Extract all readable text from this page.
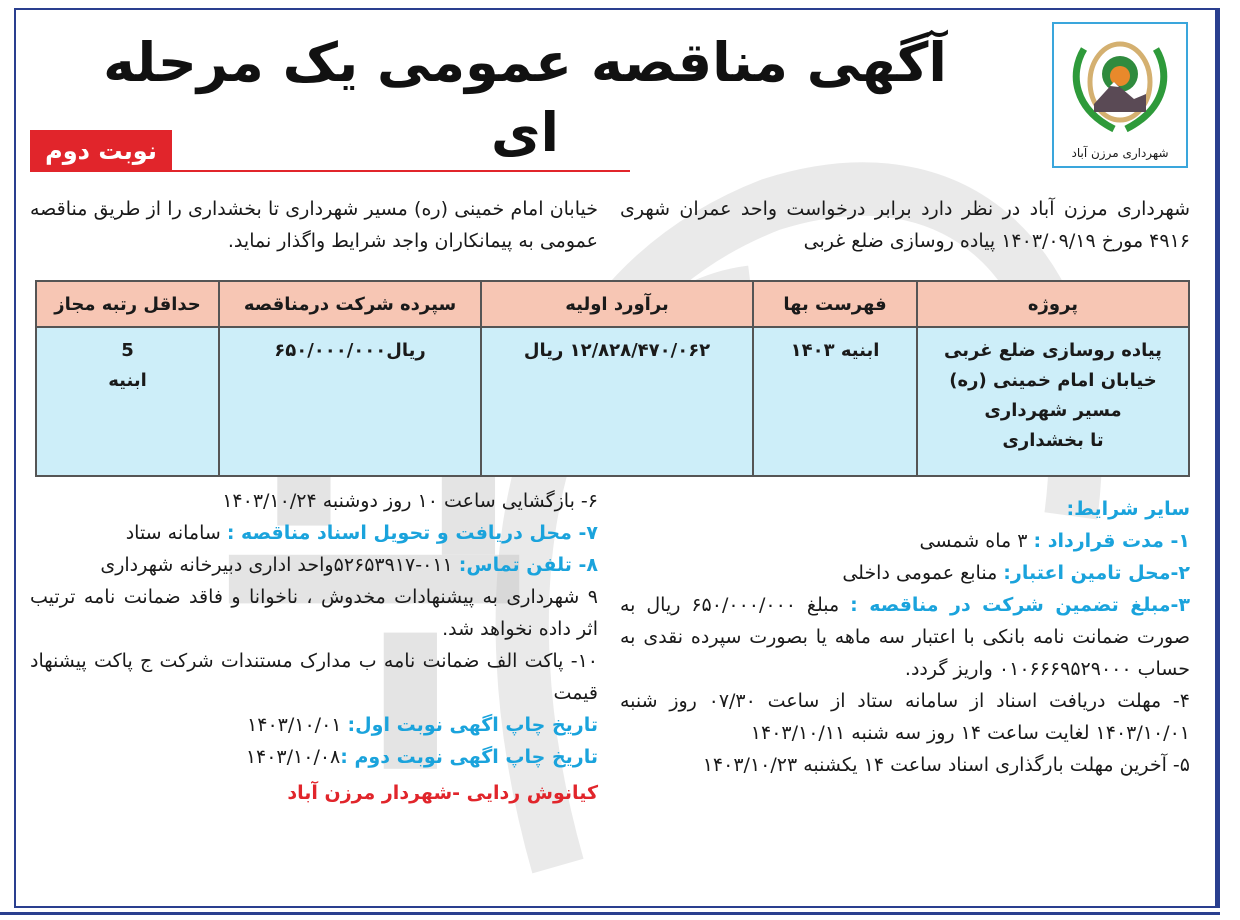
شهرداری مرزن آباد
آگهی مناقصه عمومی یک مرحله ای
نوبت دوم
شهرداری مرزن آباد در نظر دارد برابر درخواست واحد عمران شهری ۴۹۱۶ مورخ ۱۴۰۳/۰۹/۱۹ پیاده روسازی ضلع غربی
خیابان امام خمینی (ره) مسیر شهرداری تا بخشداری را از طریق مناقصه عمومی به پیمانکاران واجد شرایط واگذار نماید.
پروژه	فهرست بها	برآورد اولیه	سپرده شرکت درمناقصه	حداقل رتبه مجاز

پیاده روسازی ضلع غربی
خیابان امام خمینی (ره)
مسیر شهرداری
تا بخشداری	ابنیه ۱۴۰۳	۱۲/۸۲۸/۴۷۰/۰۶۲ ریال	ریال۶۵۰/۰۰۰/۰۰۰	5
ابنیه
سایر شرایط:
۱- مدت قرارداد : ۳ ماه شمسی
۲-محل تامین اعتبار: منابع عمومی داخلی
۳-مبلغ تضمین شرکت در مناقصه : مبلغ ۶۵۰/۰۰۰/۰۰۰ ریال به صورت ضمانت نامه بانکی با اعتبار سه ماهه یا بصورت سپرده نقدی به حساب ۰۱۰۶۶۶۹۵۲۹۰۰۰ واریز گردد.
۴- مهلت دریافت اسناد از سامانه ستاد از ساعت ۰۷/۳۰ روز شنبه ۱۴۰۳/۱۰/۰۱ لغایت ساعت ۱۴ روز سه شنبه ۱۴۰۳/۱۰/۱۱
۵- آخرین مهلت بارگذاری اسناد ساعت ۱۴ یکشنبه ۱۴۰۳/۱۰/۲۳
۶- بازگشایی ساعت ۱۰ روز دوشنبه ۱۴۰۳/۱۰/۲۴
۷- محل دریافت و تحویل اسناد مناقصه : سامانه ستاد
۸- تلفن تماس: ۰۱۱-۵۲۶۵۳۹۱۷واحد اداری دبیرخانه شهرداری
۹ شهرداری به پیشنهادات مخدوش ، ناخوانا و فاقد ضمانت نامه ترتیب اثر داده نخواهد شد.
۱۰- پاکت الف ضمانت نامه ب مدارک مستندات شرکت ج پاکت پیشنهاد قیمت
تاریخ چاپ اگهی نوبت اول: ۱۴۰۳/۱۰/۰۱
تاریخ چاپ اگهی نوبت دوم :۱۴۰۳/۱۰/۰۸
کیانوش ردایی -شهردار مرزن آباد
